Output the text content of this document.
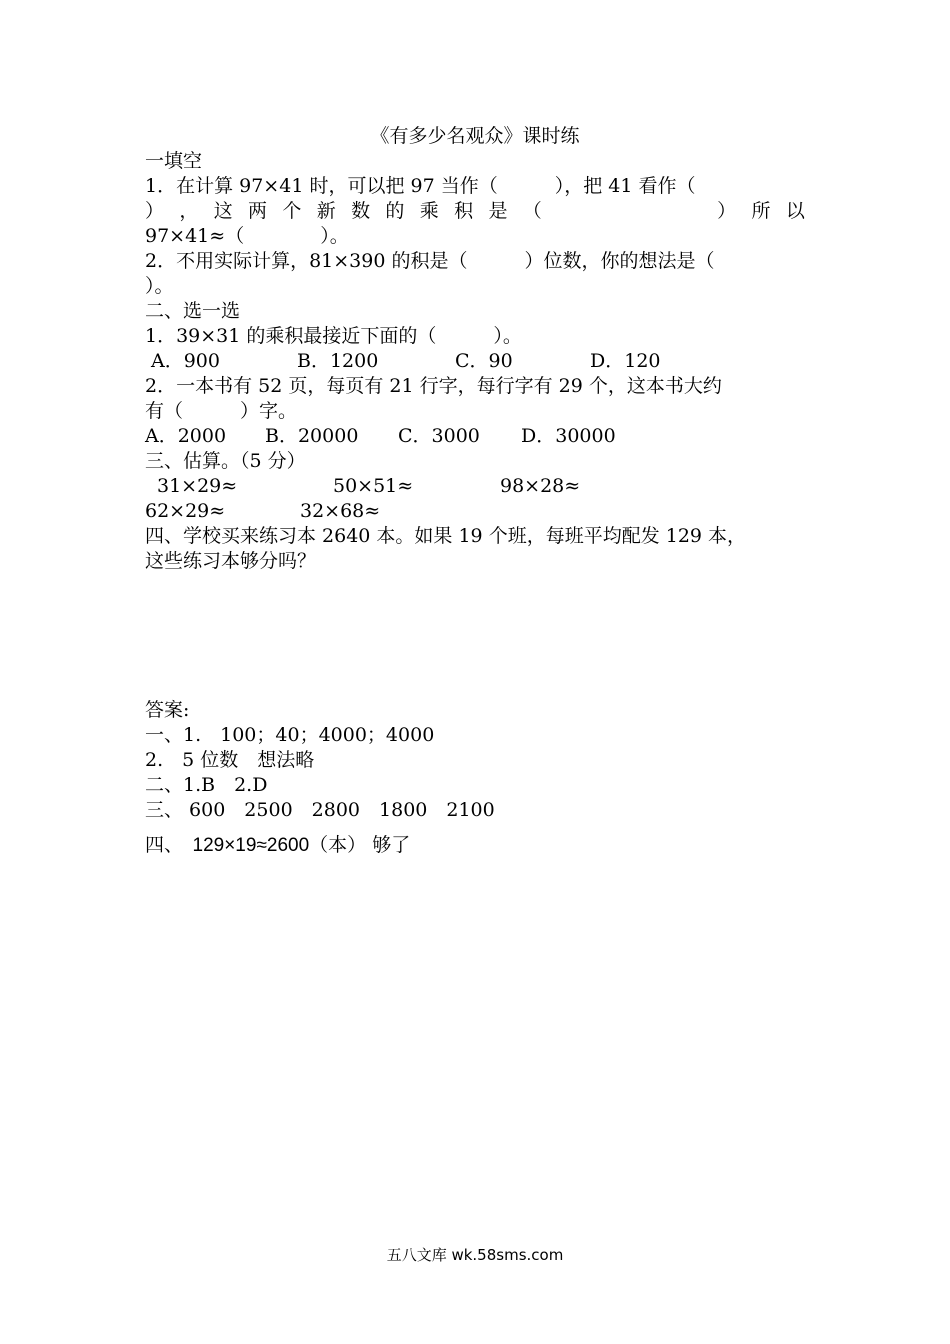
《有多少名观众》课时练
一填空
1．在计算 97×41 时，可以把 97 当作（　　　），把 41 看作（
） ， 这 两 个 新 数 的 乘 积 是 （	） 所 以
97×41≈（　　　　）。
2．不用实际计算，81×390 的积是（　　　）位数，你的想法是（
）。
二、选一选
1．39×31 的乘积最接近下面的（　　　）。

A．900

	B．1200

	C．90

	D．120

2．一本书有 52 页，每页有 21 行字，每行字有 29 个，这本书大约
有（　　　）字。

A．2000

B．20000

C．3000

D．30000

三、估算。（5 分）

31×29≈

	50×51≈

	98×28≈

62×29≈

	32×68≈

四、学校买来练习本 2640 本。如果 19 个班，每班平均配发 129 本，
这些练习本够分吗？
答案:
一、1.　100；40；4000；4000
2.　5 位数　想法略
二、1.B　2.D
三、 600　2500　2800　1800　2100
四、　129×19≈2600（本） 够了
五八文库 wk.58sms.com
